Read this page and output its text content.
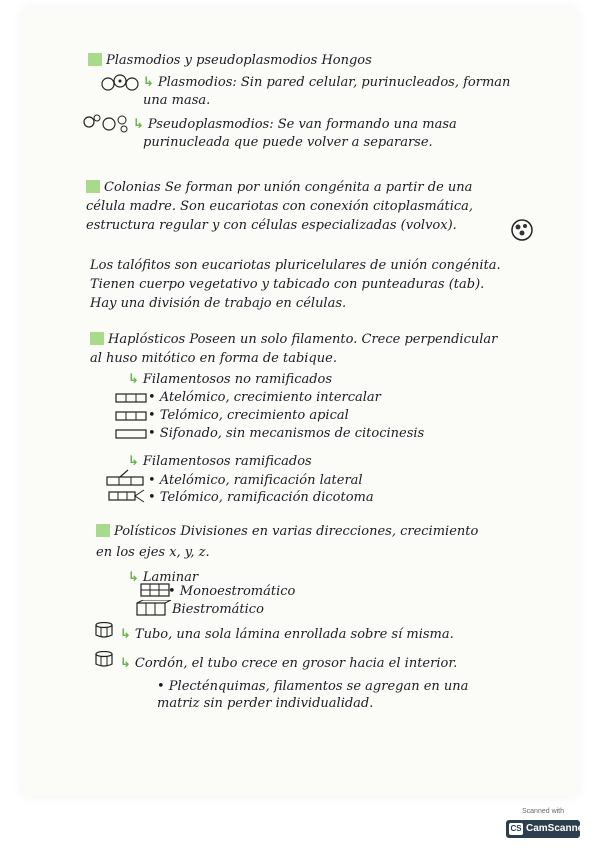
Plasmodios y pseudoplasmodios Hongos
↳ Plasmodios: Sin pared celular, purinucleados, forman
una masa.
↳ Pseudoplasmodios: Se van formando una masa
purinucleada que puede volver a separarse.
Colonias Se forman por unión congénita a partir de una
célula madre. Son eucariotas con conexión citoplasmática,
estructura regular y con células especializadas (volvox).
Los talófitos son eucariotas pluricelulares de unión congénita.
Tienen cuerpo vegetativo y tabicado con punteaduras (tab).
Hay una división de trabajo en células.
Haplósticos Poseen un solo filamento. Crece perpendicular
al huso mitótico en forma de tabique.
↳ Filamentosos no ramificados
• Atelómico, crecimiento intercalar
• Telómico, crecimiento apical
• Sifonado, sin mecanismos de citocinesis
↳ Filamentosos ramificados
• Atelómico, ramificación lateral
• Telómico, ramificación dicotoma
Polísticos Divisiones en varias direcciones, crecimiento
en los ejes x, y, z.
↳ Laminar
• Monoestromático
Biestromático
↳ Tubo, una sola lámina enrollada sobre sí misma.
↳ Cordón, el tubo crece en grosor hacia el interior.
• Plecténquimas, filamentos se agregan en una
matriz sin perder individualidad.
Scanned with
CS CamScanner
